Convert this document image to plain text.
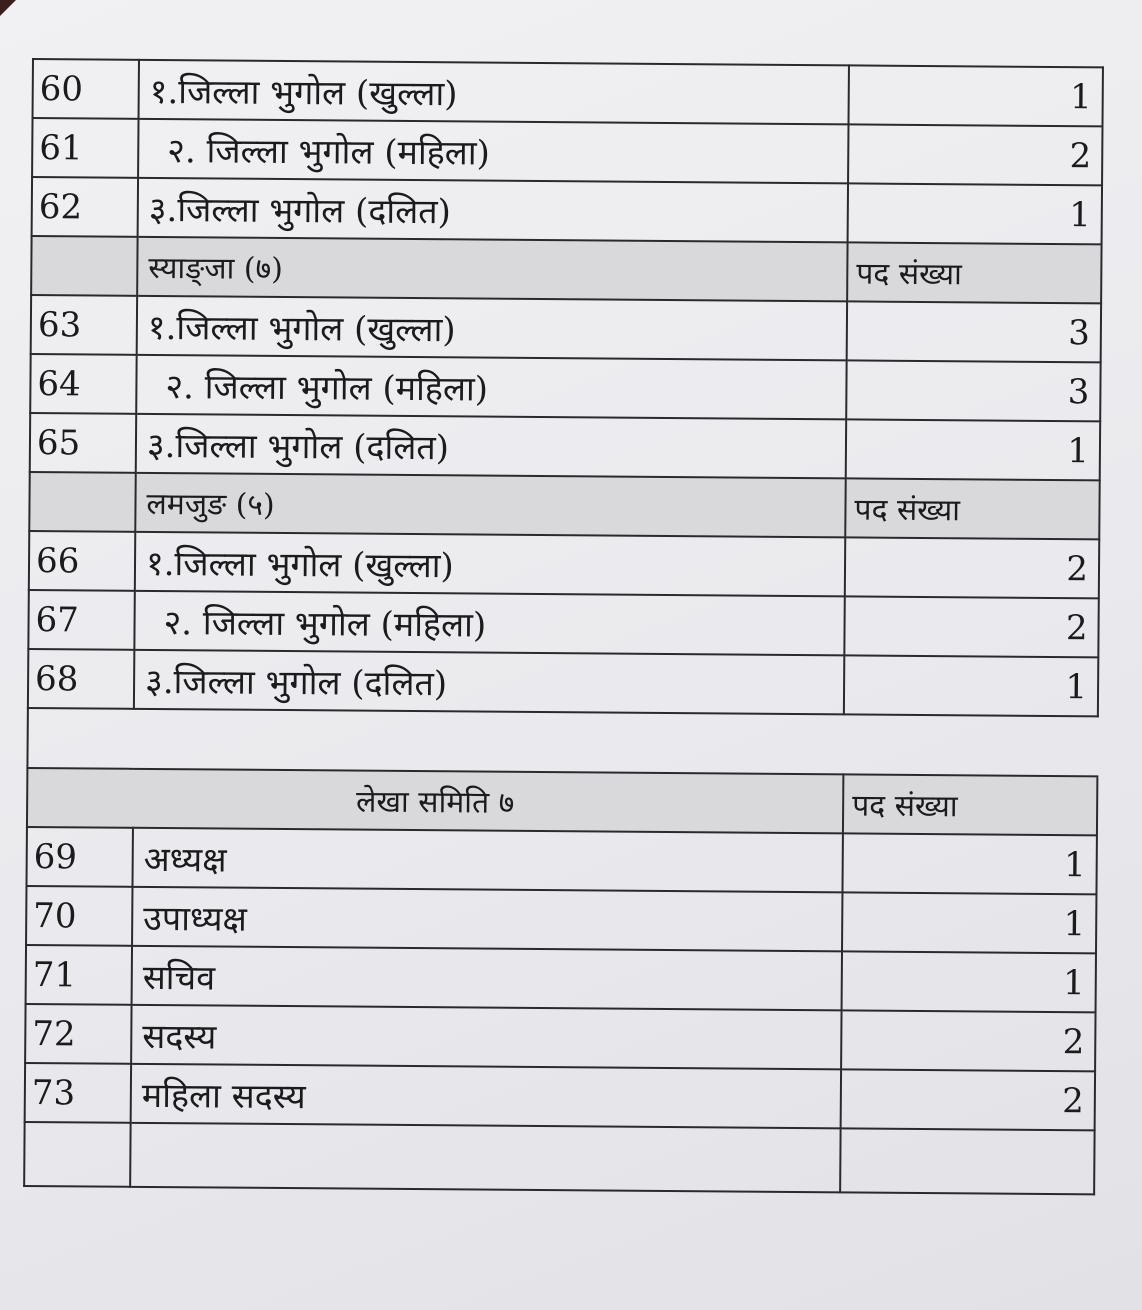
60	१.जिल्ला भुगोल (खुल्ला)	1
61	२. जिल्ला भुगोल (महिला)	2
62	३.जिल्ला भुगोल (दलित)	1
	स्याङ्जा (७)	पद संख्या
63	१.जिल्ला भुगोल (खुल्ला)	3
64	२. जिल्ला भुगोल (महिला)	3
65	३.जिल्ला भुगोल (दलित)	1
	लमजुङ (५)	पद संख्या
66	१.जिल्ला भुगोल (खुल्ला)	2
67	२. जिल्ला भुगोल (महिला)	2
68	३.जिल्ला भुगोल (दलित)	1

लेखा समिति ७		पद संख्या
69	अध्यक्ष	1
70	उपाध्यक्ष	1
71	सचिव	1
72	सदस्य	2
73	महिला सदस्य	2
